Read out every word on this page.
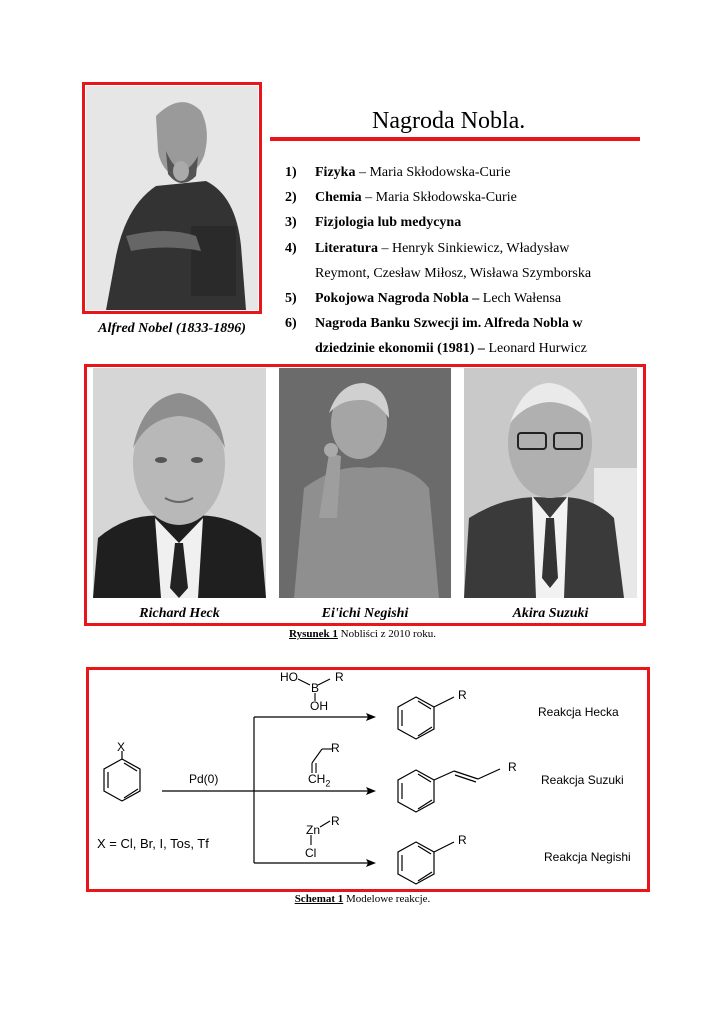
Alfred Nobel (1833-1896)
Nagroda Nobla.
1) Fizyka – Maria Skłodowska-Curie
2) Chemia – Maria Skłodowska-Curie
3) Fizjologia lub medycyna
4) Literatura – Henryk Sinkiewicz, Władysław
Reymont, Czesław Miłosz, Wisława Szymborska
5) Pokojowa Nagroda Nobla – Lech Wałensa
6) Nagroda Banku Szwecji im. Alfreda Nobla w
dziedzinie ekonomii (1981) – Leonard Hurwicz
Richard Heck	Ei'ichi Negishi	Akira Suzuki
Rysunek 1 Nobliści z 2010 roku.
X
X = Cl, Br, I, Tos, Tf
Pd(0)
HO
B
R
OH
R
$CH_2$
Zn
R
Cl
R
R
R
Reakcja Hecka
Reakcja Suzuki
Reakcja Negishi
Schemat 1 Modelowe reakcje.
